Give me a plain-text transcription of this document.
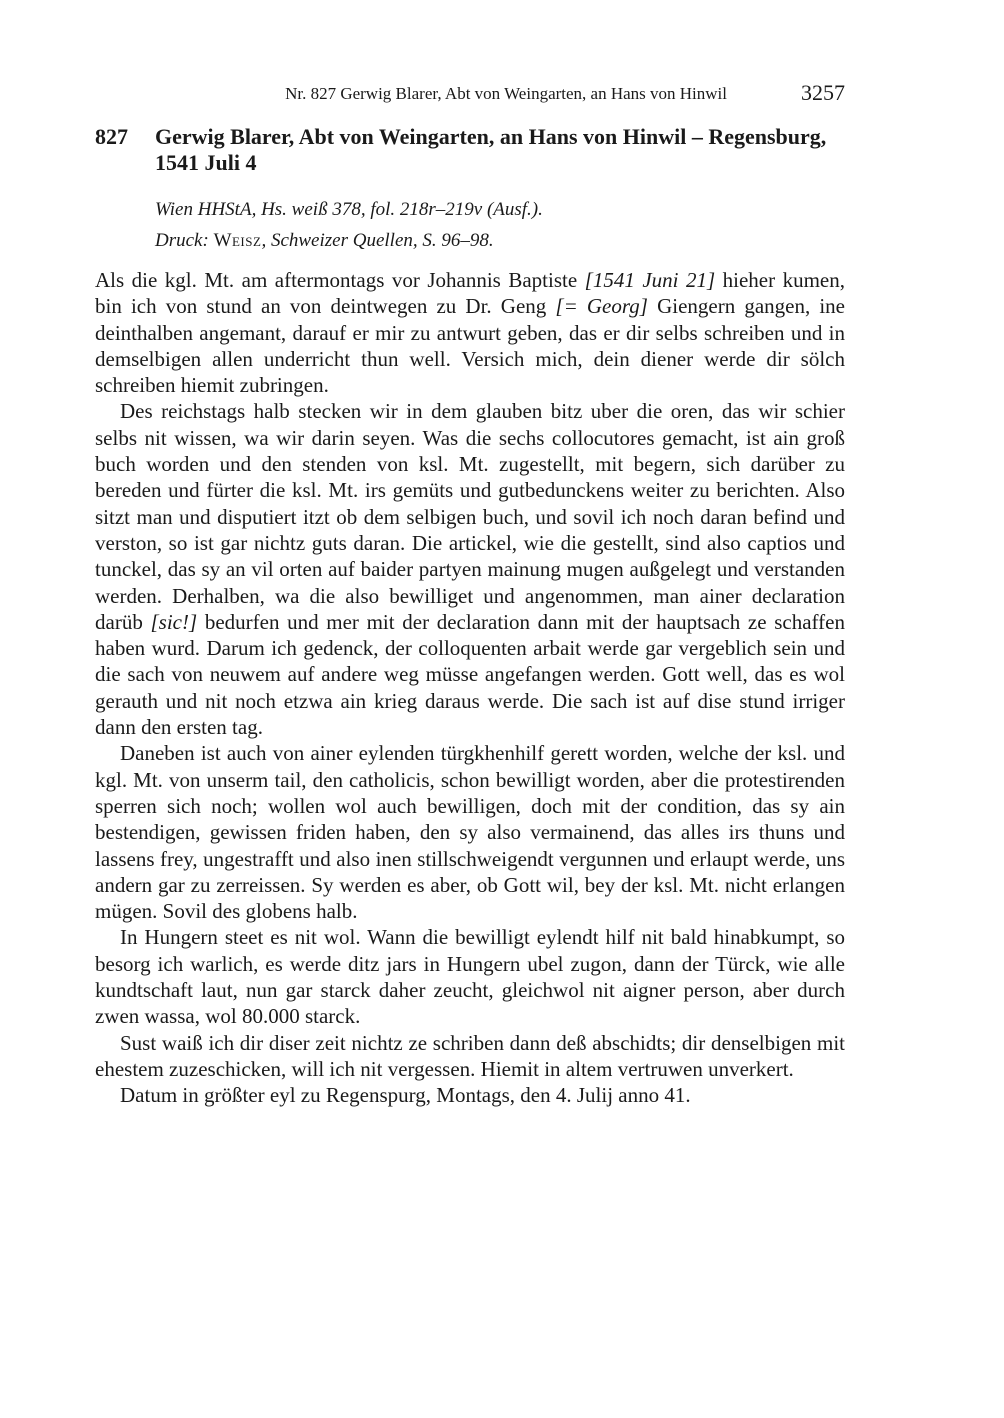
Nr. 827 Gerwig Blarer, Abt von Weingarten, an Hans von Hinwil	3257
827 Gerwig Blarer, Abt von Weingarten, an Hans von Hinwil – Regensburg, 1541 Juli 4
Wien HHStA, Hs. weiß 378, fol. 218r–219v (Ausf.).
Druck: Weisz, Schweizer Quellen, S. 96–98.

Als die kgl. Mt. am aftermontags vor Johannis Baptiste [1541 Juni 21] hieher kumen, bin ich von stund an von deintwegen zu Dr. Geng [= Georg] Giengern gangen, ine deinthalben angemant, darauf er mir zu antwurt geben, das er dir selbs schreiben und in demselbigen allen underricht thun well. Versich mich, dein diener werde dir sölch schreiben hiemit zubringen.

Des reichstags halb stecken wir in dem glauben bitz uber die oren, das wir schier selbs nit wissen, wa wir darin seyen. Was die sechs collocutores gemacht, ist ain groß buch worden und den stenden von ksl. Mt. zugestellt, mit begern, sich darüber zu bereden und fürter die ksl. Mt. irs gemüts und gutbedunckens weiter zu berichten. Also sitzt man und disputiert itzt ob dem selbigen buch, und sovil ich noch daran befind und verston, so ist gar nichtz guts daran. Die artickel, wie die gestellt, sind also captios und tunckel, das sy an vil orten auf baider partyen mainung mugen außgelegt und verstanden werden. Derhalben, wa die also bewilliget und angenommen, man ainer declaration darüb [sic!] bedurfen und mer mit der declaration dann mit der hauptsach ze schaffen haben wurd. Darum ich gedenck, der colloquenten arbait werde gar vergeblich sein und die sach von neuwem auf andere weg müsse angefangen werden. Gott well, das es wol gerauth und nit noch etzwa ain krieg daraus werde. Die sach ist auf dise stund irriger dann den ersten tag.

Daneben ist auch von ainer eylenden türgkhenhilf gerett worden, welche der ksl. und kgl. Mt. von unserm tail, den catholicis, schon bewilligt worden, aber die protestirenden sperren sich noch; wollen wol auch bewilligen, doch mit der condition, das sy ain bestendigen, gewissen friden haben, den sy also vermainend, das alles irs thuns und lassens frey, ungestrafft und also inen stillschweigendt vergunnen und erlaupt werde, uns andern gar zu zerreissen. Sy werden es aber, ob Gott wil, bey der ksl. Mt. nicht erlangen mügen. Sovil des globens halb.

In Hungern steet es nit wol. Wann die bewilligt eylendt hilf nit bald hinabkumpt, so besorg ich warlich, es werde ditz jars in Hungern ubel zugon, dann der Türck, wie alle kundtschaft laut, nun gar starck daher zeucht, gleichwol nit aigner person, aber durch zwen wassa, wol 80.000 starck.

Sust waiß ich dir diser zeit nichtz ze schriben dann deß abschidts; dir denselbigen mit ehestem zuzeschicken, will ich nit vergessen. Hiemit in altem vertruwen unverkert.

Datum in größter eyl zu Regenspurg, Montags, den 4. Julij anno 41.
